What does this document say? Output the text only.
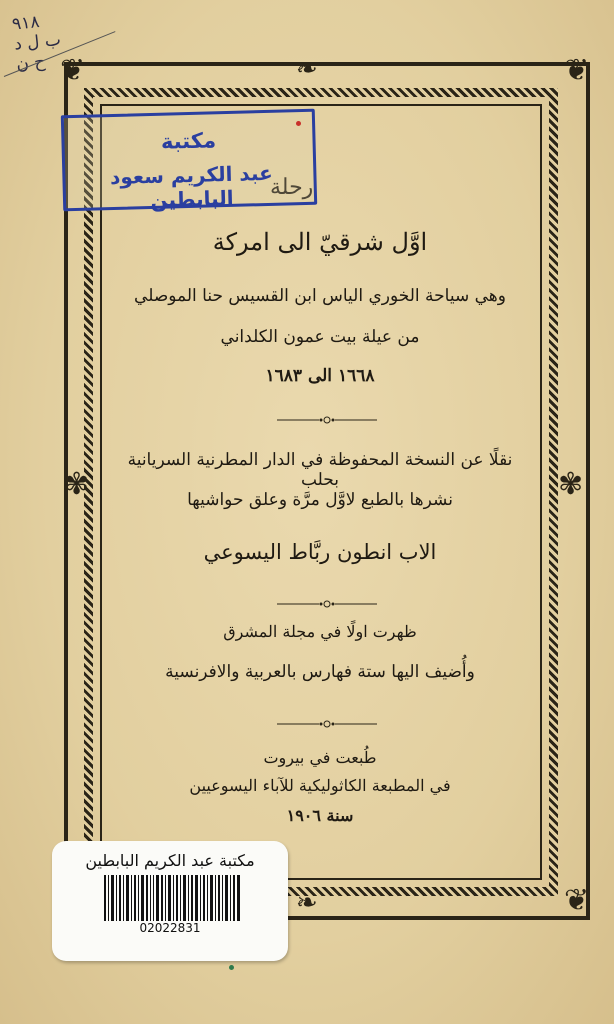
٩١٨
ب ل د
ح ن ❦	❦
❦
❧
❧
✾	✾
رحلة
اوَّل شرقيّ الى امركة
وهي سياحة الخوري الياس ابن القسيس حنا الموصلي
من عيلة بيت عمون الكلداني
١٦٦٨ الى ١٦٨٣
نقلًا عن النسخة المحفوظة في الدار المطرنية السريانية بحلب
نشرها بالطبع لاوَّل مرَّة وعلق حواشيها
الاب انطون ربَّاط اليسوعي
ظهرت اولًا في مجلة المشرق
وأُضيف اليها ستة فهارس بالعربية والافرنسية
طُبعت في بيروت
في المطبعة الكاثوليكية للآباء اليسوعيين
سنة ١٩٠٦
مكتبة
عبد الكريم سعود البابطين
مكتبة عبد الكريم البابطين
02022831
